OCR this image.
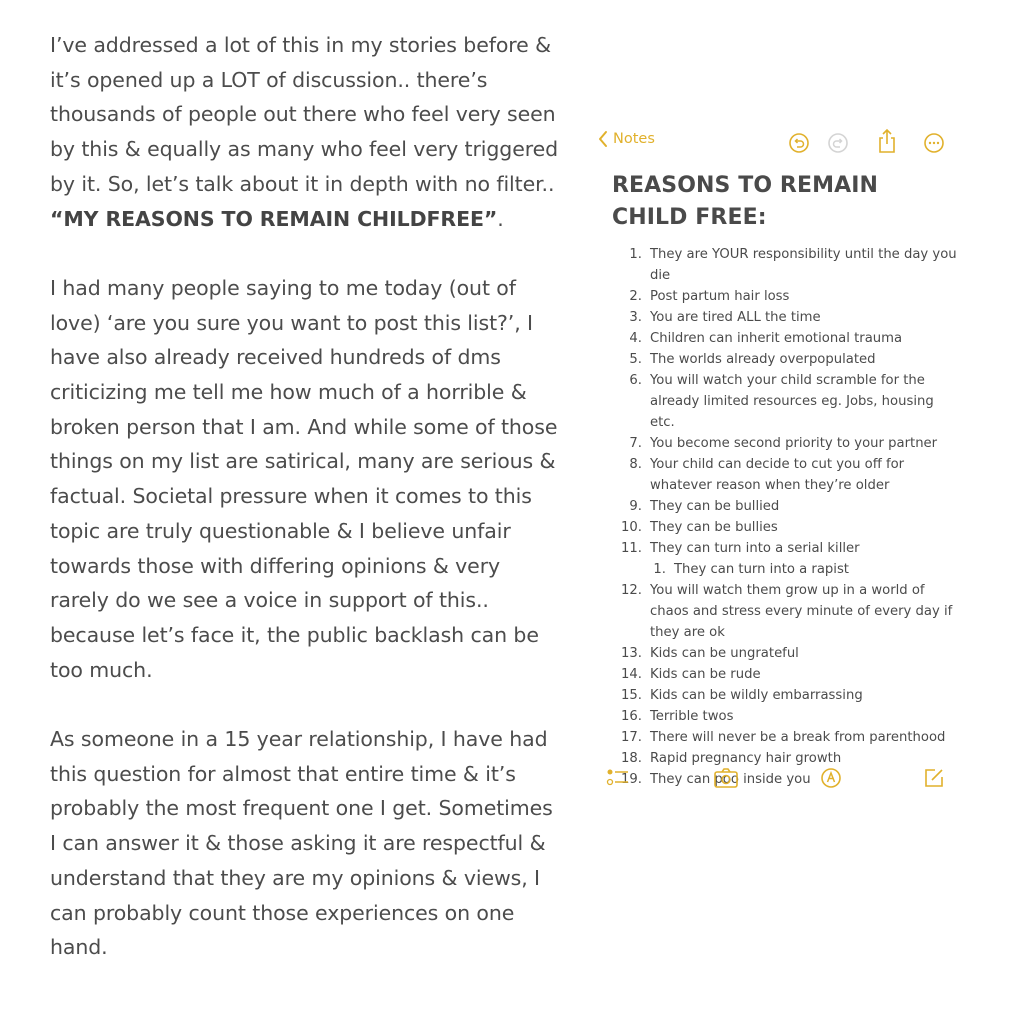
I’ve addressed a lot of this in my stories before & it’s opened up a LOT of discussion.. there’s thousands of people out there who feel very seen by this & equally as many who feel very triggered by it. So, let’s talk about it in depth with no filter.. “MY REASONS TO REMAIN CHILDFREE”.

I had many people saying to me today (out of love) ‘are you sure you want to post this list?’, I have also already received hundreds of dms criticizing me tell me how much of a horrible & broken person that I am. And while some of those things on my list are satirical, many are serious & factual. Societal pressure when it comes to this topic are truly questionable & I believe unfair towards those with differing opinions & very rarely do we see a voice in support of this.. because let’s face it, the public backlash can be too much.

As someone in a 15 year relationship, I have had this question for almost that entire time & it’s probably the most frequent one I get. Sometimes I can answer it & those asking it are respectful & understand that they are my opinions & views, I can probably count those experiences on one hand.

Notes
REASONS TO REMAIN
CHILD FREE:
1. They are YOUR responsibility until the day you die
2. Post partum hair loss
3. You are tired ALL the time
4. Children can inherit emotional trauma
5. The worlds already overpopulated
6. You will watch your child scramble for the already limited resources eg. Jobs, housing etc.
7. You become second priority to your partner
8. Your child can decide to cut you off for whatever reason when they’re older
9. They can be bullied
10. They can be bullies
11. They can turn into a serial killer
1. They can turn into a rapist
12. You will watch them grow up in a world of chaos and stress every minute of every day if they are ok
13. Kids can be ungrateful
14. Kids can be rude
15. Kids can be wildly embarrassing
16. Terrible twos
17. There will never be a break from parenthood
18. Rapid pregnancy hair growth
19. They can poo inside you
